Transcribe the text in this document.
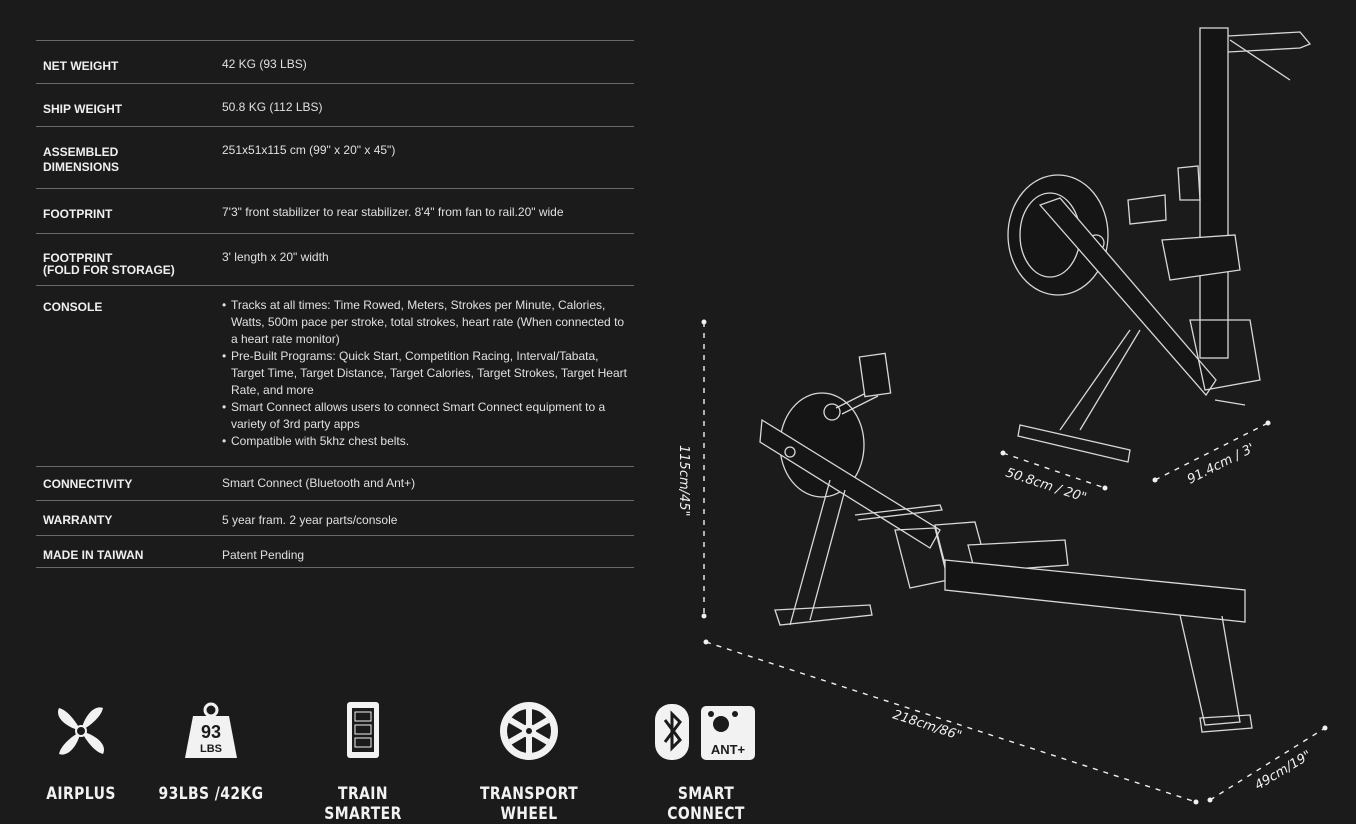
NET WEIGHT	42 KG (93 LBS)
SHIP WEIGHT	50.8 KG (112 LBS)
ASSEMBLED
DIMENSIONS
251x51x115 cm (99" x 20" x 45")
FOOTPRINT	7'3" front stabilizer to rear stabilizer. 8'4" from fan to rail.20" wide
FOOTPRINT
(FOLD FOR STORAGE)
3' length x 20" width
CONSOLE
•	Tracks at all times: Time Rowed, Meters, Strokes per Minute, Calories, Watts, 500m pace per stroke, total strokes, heart rate (When connected to a heart rate monitor)
• Pre-Built Programs: Quick Start, Competition Racing, Interval/Tabata, Target Time, Target Distance, Target Calories, Target Strokes, Target Heart Rate, and more
• Smart Connect allows users to connect Smart Connect equipment to a variety of 3rd party apps
• Compatible with 5khz chest belts.
CONNECTIVITY	Smart Connect (Bluetooth and Ant+)
WARRANTY	5 year fram. 2 year parts/console
MADE IN TAIWAN	Patent Pending
115cm/45"
218cm/86"
49cm/19"
50.8cm / 20"	91.4cm / 3'
AIRPLUS
93
LBS
93LBS /42KG	TRAIN SMARTER
TRANSPORT WHEEL
ANT+
SMART CONNECT
